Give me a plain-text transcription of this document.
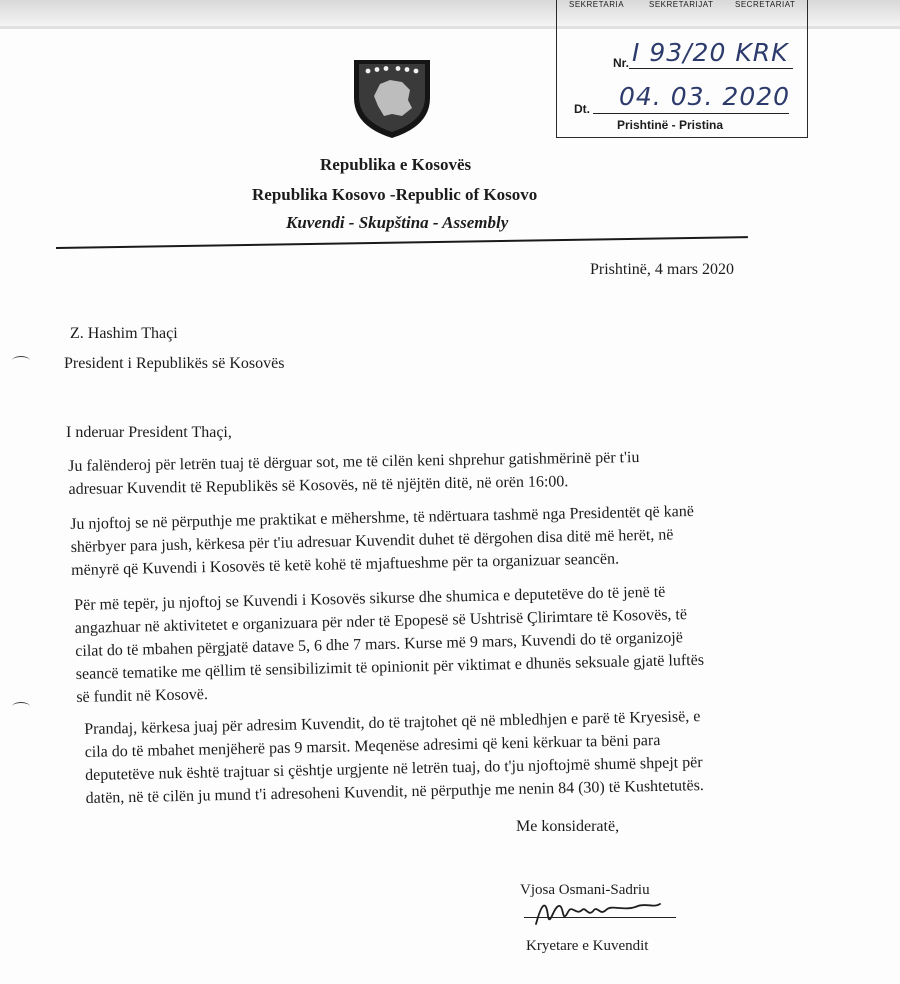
SEKRETARIA	SEKRETARIJAT	SECRETARIAT
Nr. I 93/20 KRK
Dt. 04. 03. 2020
Prishtinë - Pristina
Republika e Kosovës
Republika Kosovo -Republic of Kosovo
Kuvendi - Skupština - Assembly
Prishtinë, 4 mars 2020
Z. Hashim Thaçi
President i Republikës së Kosovës
I nderuar President Thaçi,
Ju falënderoj për letrën tuaj të dërguar sot, me të cilën keni shprehur gatishmërinë për t'iu
adresuar Kuvendit të Republikës së Kosovës, në të njëjtën ditë, në orën 16:00.
Ju njoftoj se në përputhje me praktikat e mëhershme, të ndërtuara tashmë nga Presidentët që kanë
shërbyer para jush, kërkesa për t'iu adresuar Kuvendit duhet të dërgohen disa ditë më herët, në
mënyrë që Kuvendi i Kosovës të ketë kohë të mjaftueshme për ta organizuar seancën.
Për më tepër, ju njoftoj se Kuvendi i Kosovës sikurse dhe shumica e deputetëve do të jenë të
angazhuar në aktivitetet e organizuara për nder të Epopesë së Ushtrisë Çlirimtare të Kosovës, të
cilat do të mbahen përgjatë datave 5, 6 dhe 7 mars. Kurse më 9 mars, Kuvendi do të organizojë
seancë tematike me qëllim të sensibilizimit të opinionit për viktimat e dhunës seksuale gjatë luftës
së fundit në Kosovë.
Prandaj, kërkesa juaj për adresim Kuvendit, do të trajtohet që në mbledhjen e parë të Kryesisë, e
cila do të mbahet menjëherë pas 9 marsit. Meqenëse adresimi që keni kërkuar ta bëni para
deputetëve nuk është trajtuar si çështje urgjente në letrën tuaj, do t'ju njoftojmë shumë shpejt për
datën, në të cilën ju mund t'i adresoheni Kuvendit, në përputhje me nenin 84 (30) të Kushtetutës.
Me konsideratë,
Vjosa Osmani-Sadriu
Kryetare e Kuvendit
